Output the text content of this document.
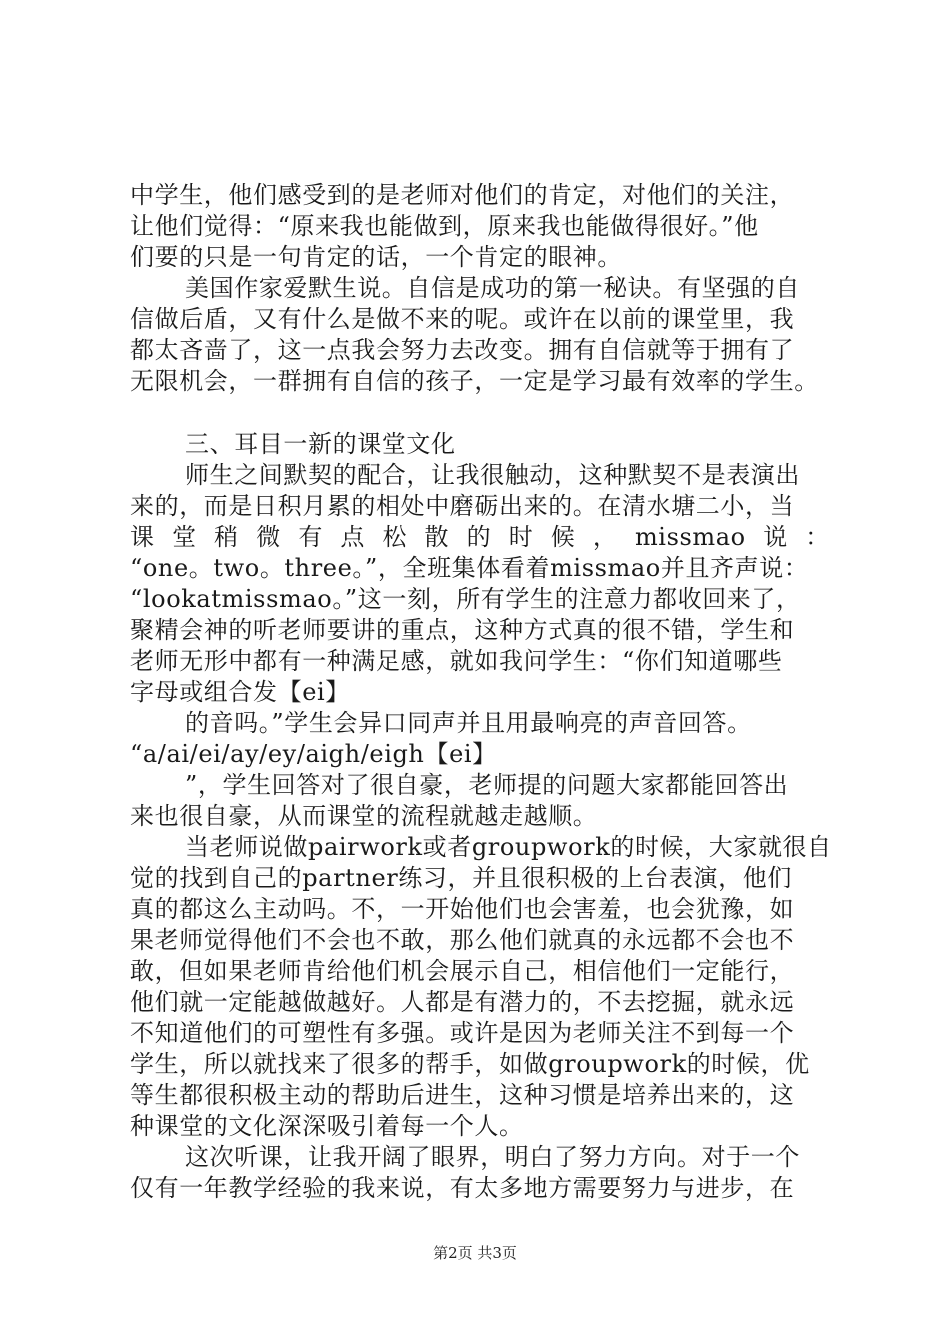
中学生，他们感受到的是老师对他们的肯定，对他们的关注，
让他们觉得：“原来我也能做到，原来我也能做得很好。”他
们要的只是一句肯定的话，一个肯定的眼神。
美国作家爱默生说。自信是成功的第一秘诀。有坚强的自
信做后盾，又有什么是做不来的呢。或许在以前的课堂里，我
都太吝啬了，这一点我会努力去改变。拥有自信就等于拥有了
无限机会，一群拥有自信的孩子，一定是学习最有效率的学生。
三、耳目一新的课堂文化
师生之间默契的配合，让我很触动，这种默契不是表演出
来的，而是日积月累的相处中磨砺出来的。在清水塘二小，当
课 堂 稍 微 有 点 松 散 的 时 候 ， missmao 说 ：
“one。two。three。”，全班集体看着missmao并且齐声说：
“lookatmissmao。”这一刻，所有学生的注意力都收回来了，
聚精会神的听老师要讲的重点，这种方式真的很不错，学生和
老师无形中都有一种满足感，就如我问学生：“你们知道哪些
字母或组合发【ei】
的音吗。”学生会异口同声并且用最响亮的声音回答。
“a/ai/ei/ay/ey/aigh/eigh【ei】
”，学生回答对了很自豪，老师提的问题大家都能回答出
来也很自豪，从而课堂的流程就越走越顺。
当老师说做pairwork或者groupwork的时候，大家就很自
觉的找到自己的partner练习，并且很积极的上台表演，他们
真的都这么主动吗。不，一开始他们也会害羞，也会犹豫，如
果老师觉得他们不会也不敢，那么他们就真的永远都不会也不
敢，但如果老师肯给他们机会展示自己，相信他们一定能行，
他们就一定能越做越好。人都是有潜力的，不去挖掘，就永远
不知道他们的可塑性有多强。或许是因为老师关注不到每一个
学生，所以就找来了很多的帮手，如做groupwork的时候，优
等生都很积极主动的帮助后进生，这种习惯是培养出来的，这
种课堂的文化深深吸引着每一个人。
这次听课，让我开阔了眼界，明白了努力方向。对于一个
仅有一年教学经验的我来说，有太多地方需要努力与进步，在
第2页 共3页
